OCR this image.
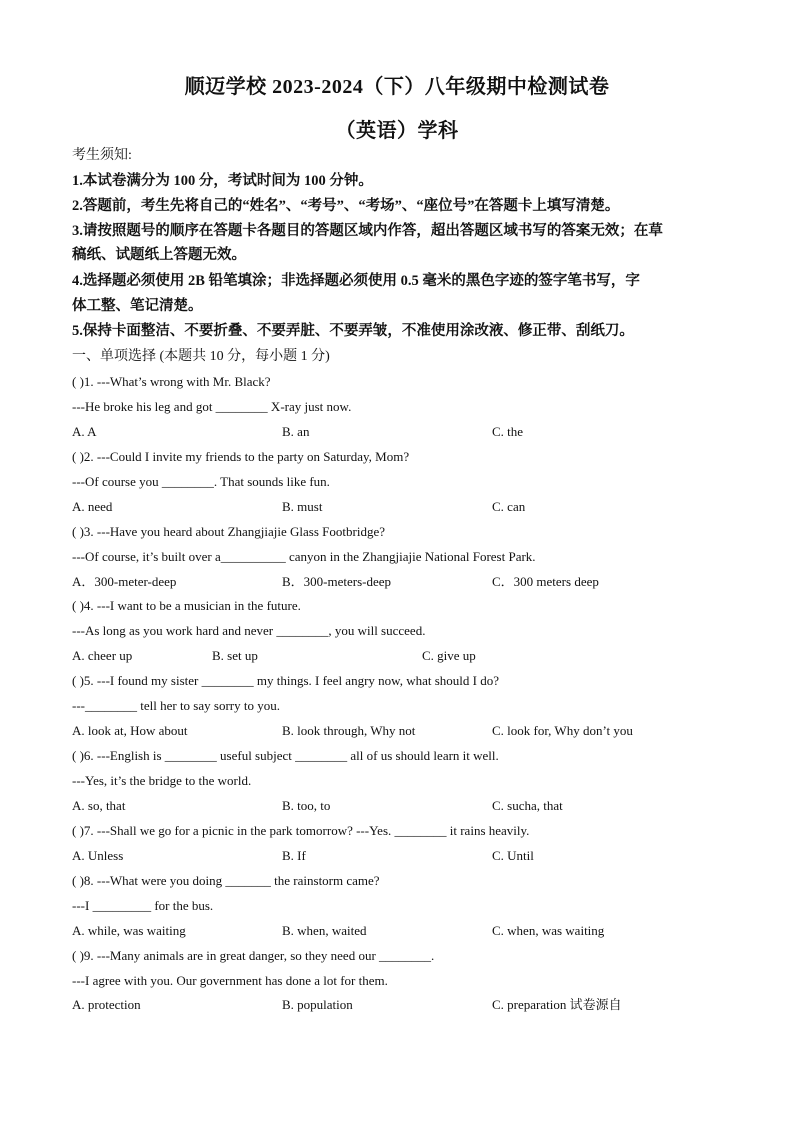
顺迈学校 2023-2024（下）八年级期中检测试卷
（英语）学科
考生须知:
1.本试卷满分为 100 分，考试时间为 100 分钟。
2.答题前，考生先将自己的“姓名”、“考号”、“考场”、“座位号”在答题卡上填写清楚。
3.请按照题号的顺序在答题卡各题目的答题区域内作答，超出答题区域书写的答案无效；在草
稿纸、试题纸上答题无效。
4.选择题必须使用 2B 铅笔填涂；非选择题必须使用 0.5 毫米的黑色字迹的签字笔书写，字
体工整、笔记清楚。
5.保持卡面整洁、不要折叠、不要弄脏、不要弄皱，不准使用涂改液、修正带、刮纸刀。
一、单项选择 (本题共 10 分，每小题 1 分)
( )1. ---What’s wrong with Mr. Black?
---He broke his leg and got ________ X-ray just now.
A. A	B. an	C. the
( )2. ---Could I invite my friends to the party on Saturday, Mom?
---Of course you ________. That sounds like fun.
A. need	B. must	C. can
( )3. ---Have you heard about Zhangjiajie Glass Footbridge?
---Of course, it’s built over a__________ canyon in the Zhangjiajie National Forest Park.
A．300-meter-deep	B．300-meters-deep	C．300 meters deep
( )4. ---I want to be a musician in the future.
---As long as you work hard and never ________, you will succeed.
A. cheer up	B. set up	C. give up
( )5. ---I found my sister ________ my things. I feel angry now, what should I do?
---________ tell her to say sorry to you.
A. look at, How about	B. look through, Why not	C. look for, Why don’t you
( )6. ---English is ________ useful subject ________ all of us should learn it well.
---Yes, it’s the bridge to the world.
A. so, that	B. too, to	C. sucha, that
( )7. ---Shall we go for a picnic in the park tomorrow? ---Yes. ________ it rains heavily.
A. Unless	B. If	C. Until
( )8. ---What were you doing _______ the rainstorm came?
---I _________ for the bus.
A. while, was waiting	B. when, waited	C. when, was waiting
( )9. ---Many animals are in great danger, so they need our ________.
---I agree with you. Our government has done a lot for them.
A. protection	B. population	C. preparation 试卷源自
